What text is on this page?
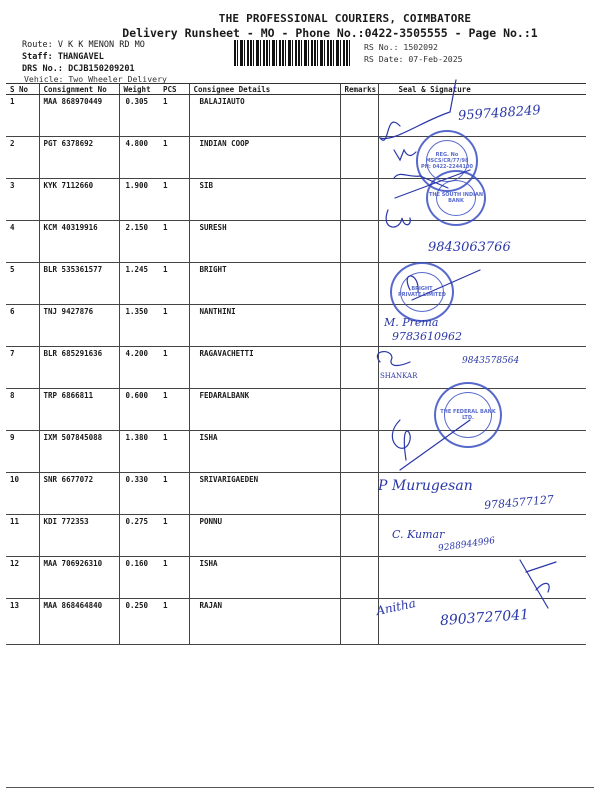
THE PROFESSIONAL COURIERS, COIMBATORE
Delivery Runsheet - MO - Phone No.:0422-3505555 - Page No.:1
Route: V K K MENON RD MO
Staff: THANGAVEL
DRS No.: DCJB150209201
Vehicle: Two Wheeler Delivery
RS No.: 1502092
RS Date: 07-Feb-2025
S No	Consignment No	Weight	PCS	Consignee Details	Remarks	Seal & Signature
1	MAA 868970449	0.305	1	BALAJIAUTO		
2	PGT 6378692	4.800	1	INDIAN COOP		
3	KYK 7112660	1.900	1	SIB		
4	KCM 40319916	2.150	1	SURESH		
5	BLR 535361577	1.245	1	BRIGHT		
6	TNJ 9427876	1.350	1	NANTHINI		
7	BLR 685291636	4.200	1	RAGAVACHETTI		
8	TRP 6866811	0.600	1	FEDARALBANK		
9	IXM 507845088	1.380	1	ISHA		
10	SNR 6677072	0.330	1	SRIVARIGAEDEN		
11	KDI 772353	0.275	1	PONNU		
12	MAA 706926310	0.160	1	ISHA		
13	MAA 868464840	0.250	1	RAJAN		
REG. No
MSCS/CR/77/98
PH: 0422-2244100
THE SOUTH INDIAN BANK
BRIGHT
PRIVATE LIMITED
THE FEDERAL BANK LTD.
9597488249
9843063766
M. Prema
9783610962
9843578564
SHANKAR
P Murugesan
9784577127
C. Kumar
9288944996
Anitha 8903727041
